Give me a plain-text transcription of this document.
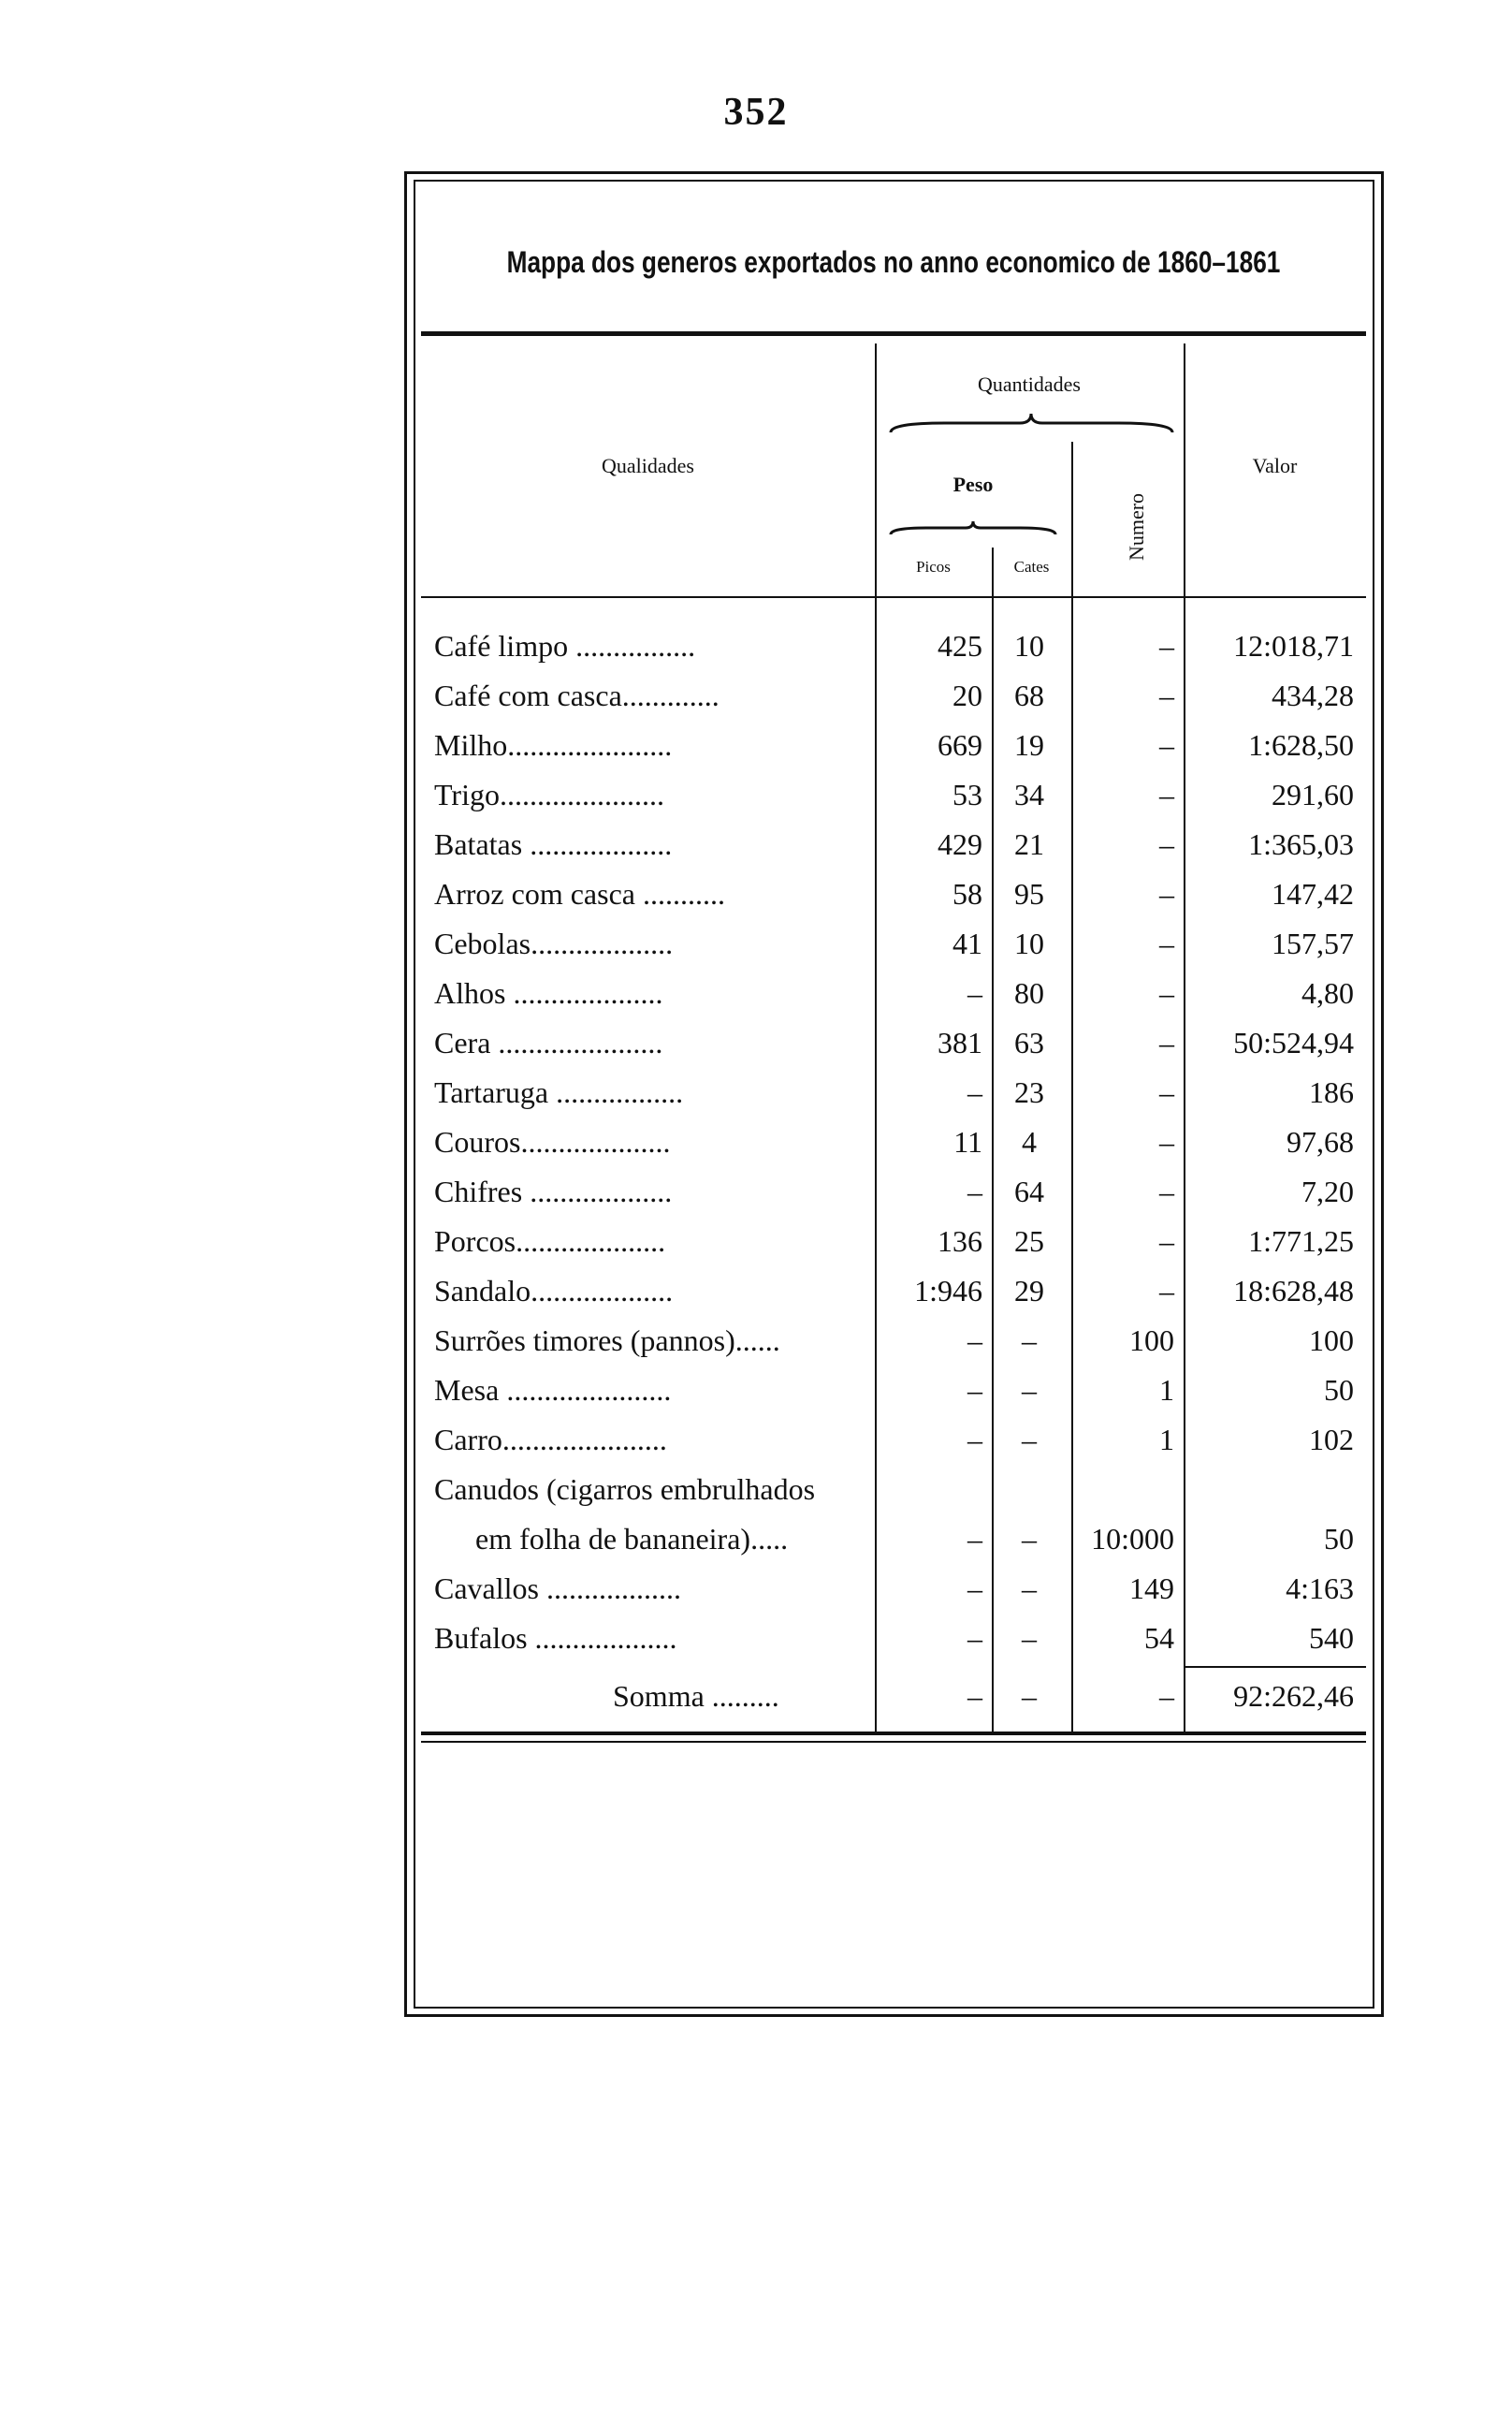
352
Mappa dos generos exportados no anno economico de 1860–1861
Qualidades
Quantidades
Peso
Picos	Cates
Numero
Valor
Café limpo ................	425	10	–	12:018,71
Café com casca.............	20	68	–	434,28
Milho......................	669	19	–	1:628,50
Trigo......................	53	34	–	291,60
Batatas ...................	429	21	–	1:365,03
Arroz com casca ...........	58	95	–	147,42
Cebolas...................	41	10	–	157,57
Alhos ....................	–	80	–	4,80
Cera ......................	381	63	–	50:524,94
Tartaruga .................	–	23	–	186
Couros....................	11	4	–	97,68
Chifres ...................	–	64	–	7,20
Porcos....................	136	25	–	1:771,25
Sandalo...................	1:946	29	–	18:628,48
Surrões timores (pannos)......	–	–	100	100
Mesa ......................	–	–	1	50
Carro......................	–	–	1	102
Canudos (cigarros embrulhados
em folha de bananeira).....	–	–	10:000	50
Cavallos ..................	–	–	149	4:163
Bufalos ...................	–	–	54	540
Somma .........	–	–	–	92:262,46
